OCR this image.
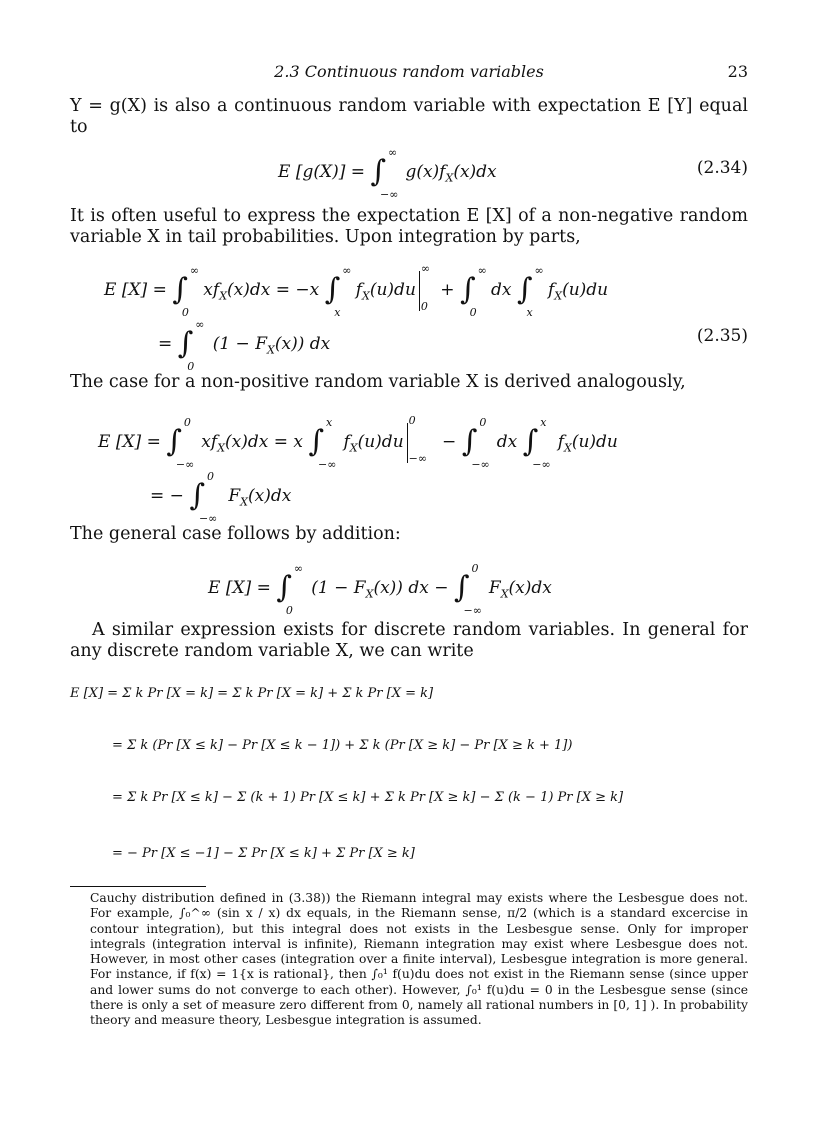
2.3 Continuous random variables	23
Y = g(X) is also a continuous random variable with expectation E [Y] equal to
E [g(X)] = ∫
∞
−∞
$g(x)f_X(x)dx$	(2.34)
It is often useful to express the expectation E [X] of a non-negative random variable X in tail probabilities. Upon integration by parts,
E [X] = ∫
∞
0
$xf_X(x)dx = -x$ ∫
∞
x
$f_X(u)du$
∞
0
+ ∫
∞
0
dx ∫
∞
x
$f_X(u)du$
= ∫
∞
0
$(1 - F_X(x))$ dx	(2.35)
The case for a non-positive random variable X is derived analogously,
E [X] = ∫
0
−∞
$xf_X(x)dx = x$ ∫
x
−∞
$f_X(u)du$
0
−∞
− ∫
0
−∞
dx ∫
x
−∞
$f_X(u)du$
= − ∫
0
−∞
$F_X(x)dx$
The general case follows by addition:
E [X] = ∫
∞
0
$(1 - F_X(x))$ dx − ∫
0
−∞
$F_X(x)dx$
A similar expression exists for discrete random variables. In general for any discrete random variable X, we can write
E [X] = Σ k Pr [X = k] = Σ k Pr [X = k] + Σ k Pr [X = k]
= Σ k (Pr [X ≤ k] − Pr [X ≤ k − 1]) + Σ k (Pr [X ≥ k] − Pr [X ≥ k + 1])
= Σ k Pr [X ≤ k] − Σ (k + 1) Pr [X ≤ k] + Σ k Pr [X ≥ k] − Σ (k − 1) Pr [X ≥ k]
= − Pr [X ≤ −1] − Σ Pr [X ≤ k] + Σ Pr [X ≥ k]
Cauchy distribution defined in (3.38)) the Riemann integral may exists where the Lesbesgue does not. For example, ∫₀^∞ (sin x / x) dx equals, in the Riemann sense, π/2 (which is a standard excercise in contour integration), but this integral does not exists in the Lesbesgue sense. Only for improper integrals (integration interval is infinite), Riemann integration may exist where Lesbesgue does not. However, in most other cases (integration over a finite interval), Lesbesgue integration is more general. For instance, if f(x) = 1{x is rational}, then ∫₀¹ f(u)du does not exist in the Riemann sense (since upper and lower sums do not converge to each other). However, ∫₀¹ f(u)du = 0 in the Lesbesgue sense (since there is only a set of measure zero different from 0, namely all rational numbers in [0, 1] ). In probability theory and measure theory, Lesbesgue integration is assumed.
